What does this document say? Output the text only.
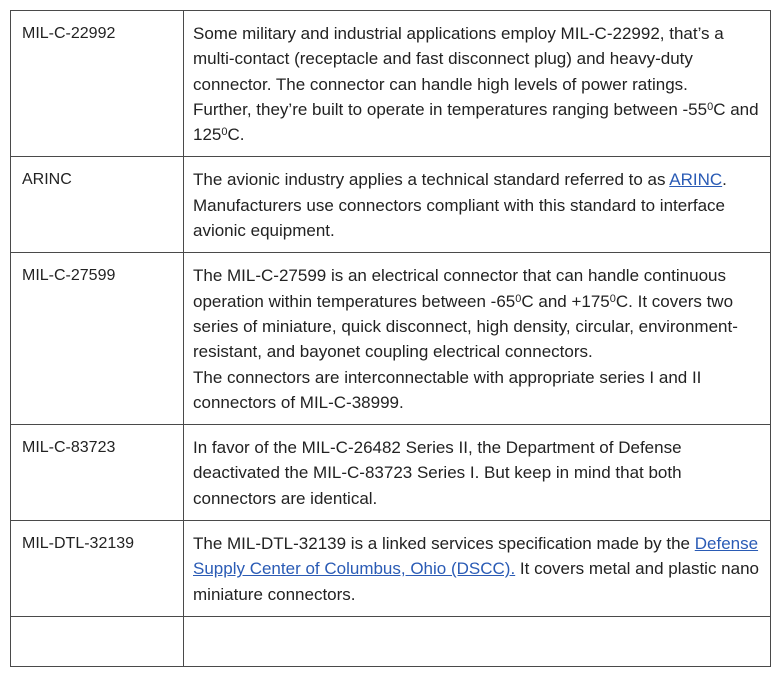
MIL-C-22992	Some military and industrial applications employ MIL-C-22992, that’s a multi-contact (receptacle and fast disconnect plug) and heavy-duty connector. The connector can handle high levels of power ratings.
Further, they’re built to operate in temperatures ranging between $-55^0C$ and $125^0C$.

ARINC	The avionic industry applies a technical standard referred to as ARINC. Manufacturers use connectors compliant with this standard to interface avionic equipment.
MIL-C-27599	The MIL-C-27599 is an electrical connector that can handle continuous operation within temperatures between $-65^0C$ and $+175^0C$. It covers two series of miniature, quick disconnect, high density, circular, environment-resistant, and bayonet coupling electrical connectors.
The connectors are interconnectable with appropriate series I and II connectors of MIL-C-38999.

MIL-C-83723	In favor of the MIL-C-26482 Series II, the Department of Defense deactivated the MIL-C-83723 Series I. But keep in mind that both connectors are identical.
MIL-DTL-32139	The MIL-DTL-32139 is a linked services specification made by the Defense Supply Center of Columbus, Ohio (DSCC). It covers metal and plastic nano miniature connectors.
